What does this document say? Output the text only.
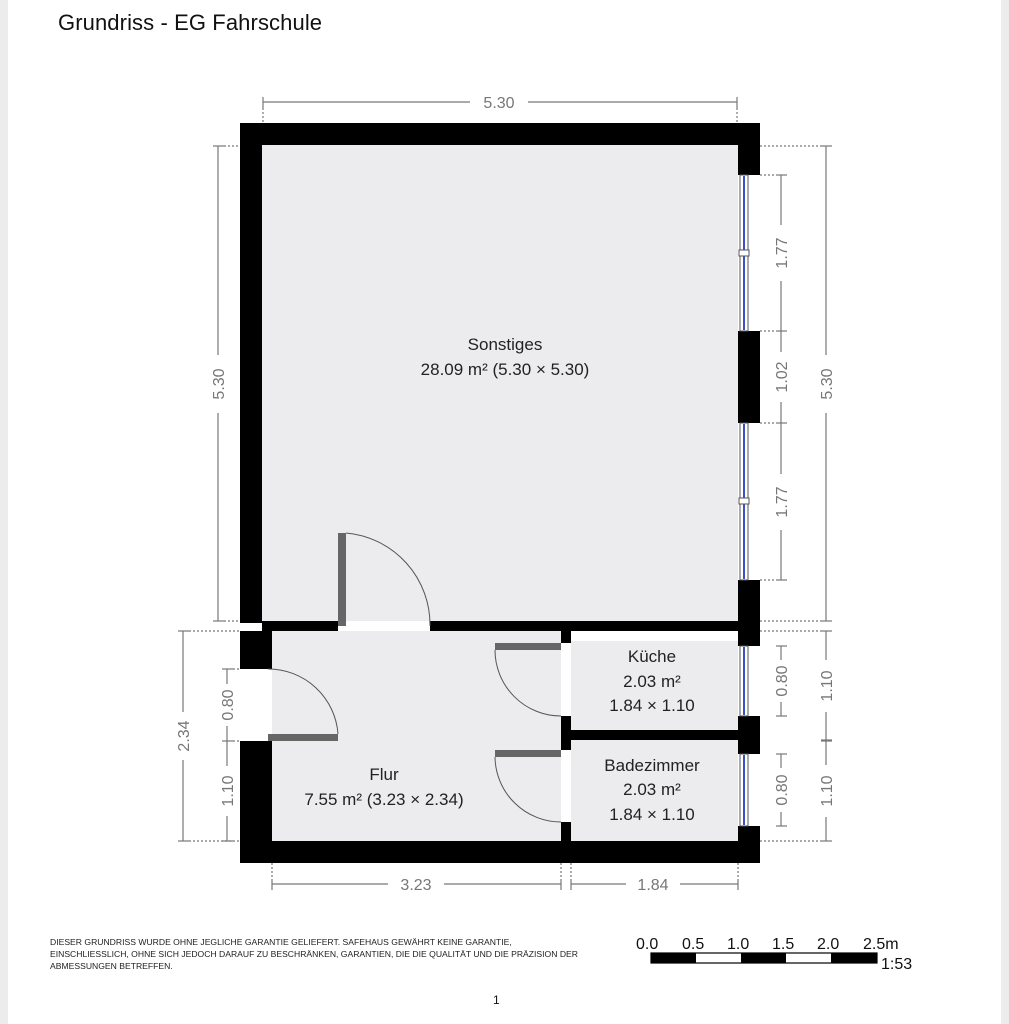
Grundriss - EG Fahrschule
Sonstiges
28.09 m² (5.30 × 5.30)
Küche
2.03 m²
1.84 × 1.10
Badezimmer
2.03 m²
1.84 × 1.10
Flur
7.55 m² (3.23 × 2.34)
5.30
5.30
2.34
0.80
1.10
5.30
1.77
1.02
1.77
0.80 1.10
0.80 1.10
3.23	1.84
0.0 0.5 1.0 1.5 2.0 2.5m
1:53
DIESER GRUNDRISS WURDE OHNE JEGLICHE GARANTIE GELIEFERT. SAFEHAUS GEWÄHRT KEINE GARANTIE, EINSCHLIESSLICH, OHNE SICH JEDOCH DARAUF ZU BESCHRÄNKEN, GARANTIEN, DIE DIE QUALITÄT UND DIE PRÄZISION DER ABMESSUNGEN BETREFFEN.
1
